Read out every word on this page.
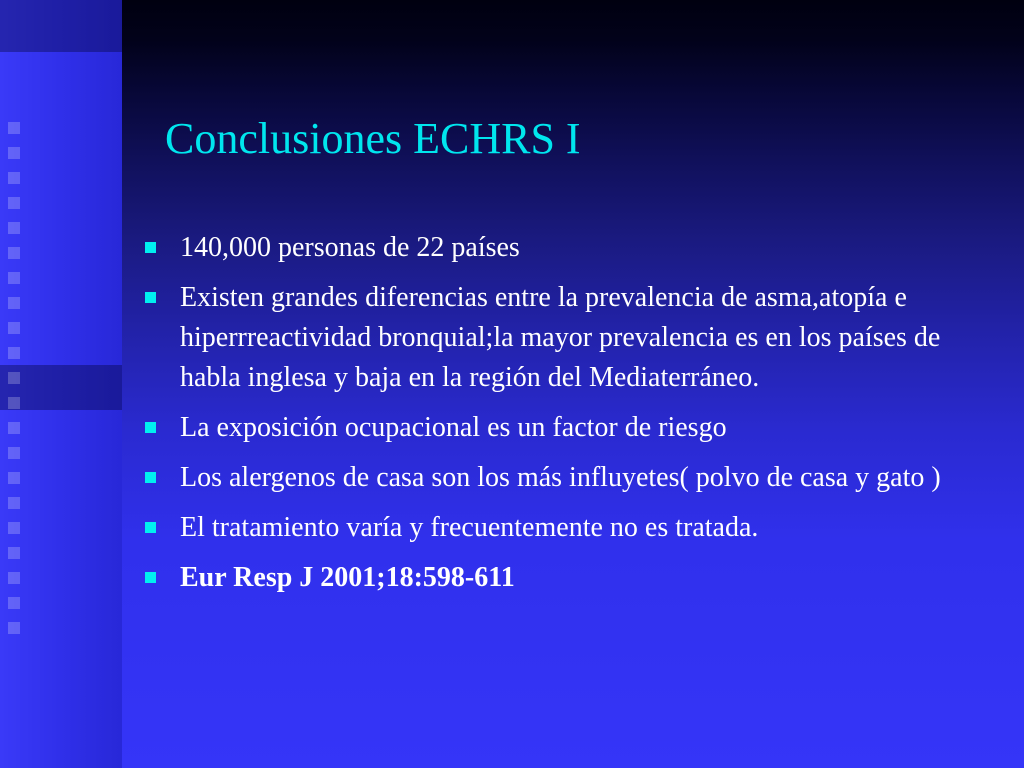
Conclusiones ECHRS I
140,000 personas de 22 países
Existen grandes diferencias entre la prevalencia de asma,atopía e hiperrreactividad bronquial;la mayor prevalencia es en los países de habla inglesa y baja en la región del Mediaterráneo.
La exposición ocupacional es un factor de riesgo
Los alergenos de casa son los más influyetes( polvo de casa y gato )
El tratamiento varía y frecuentemente no es tratada.
Eur Resp J 2001;18:598-611
